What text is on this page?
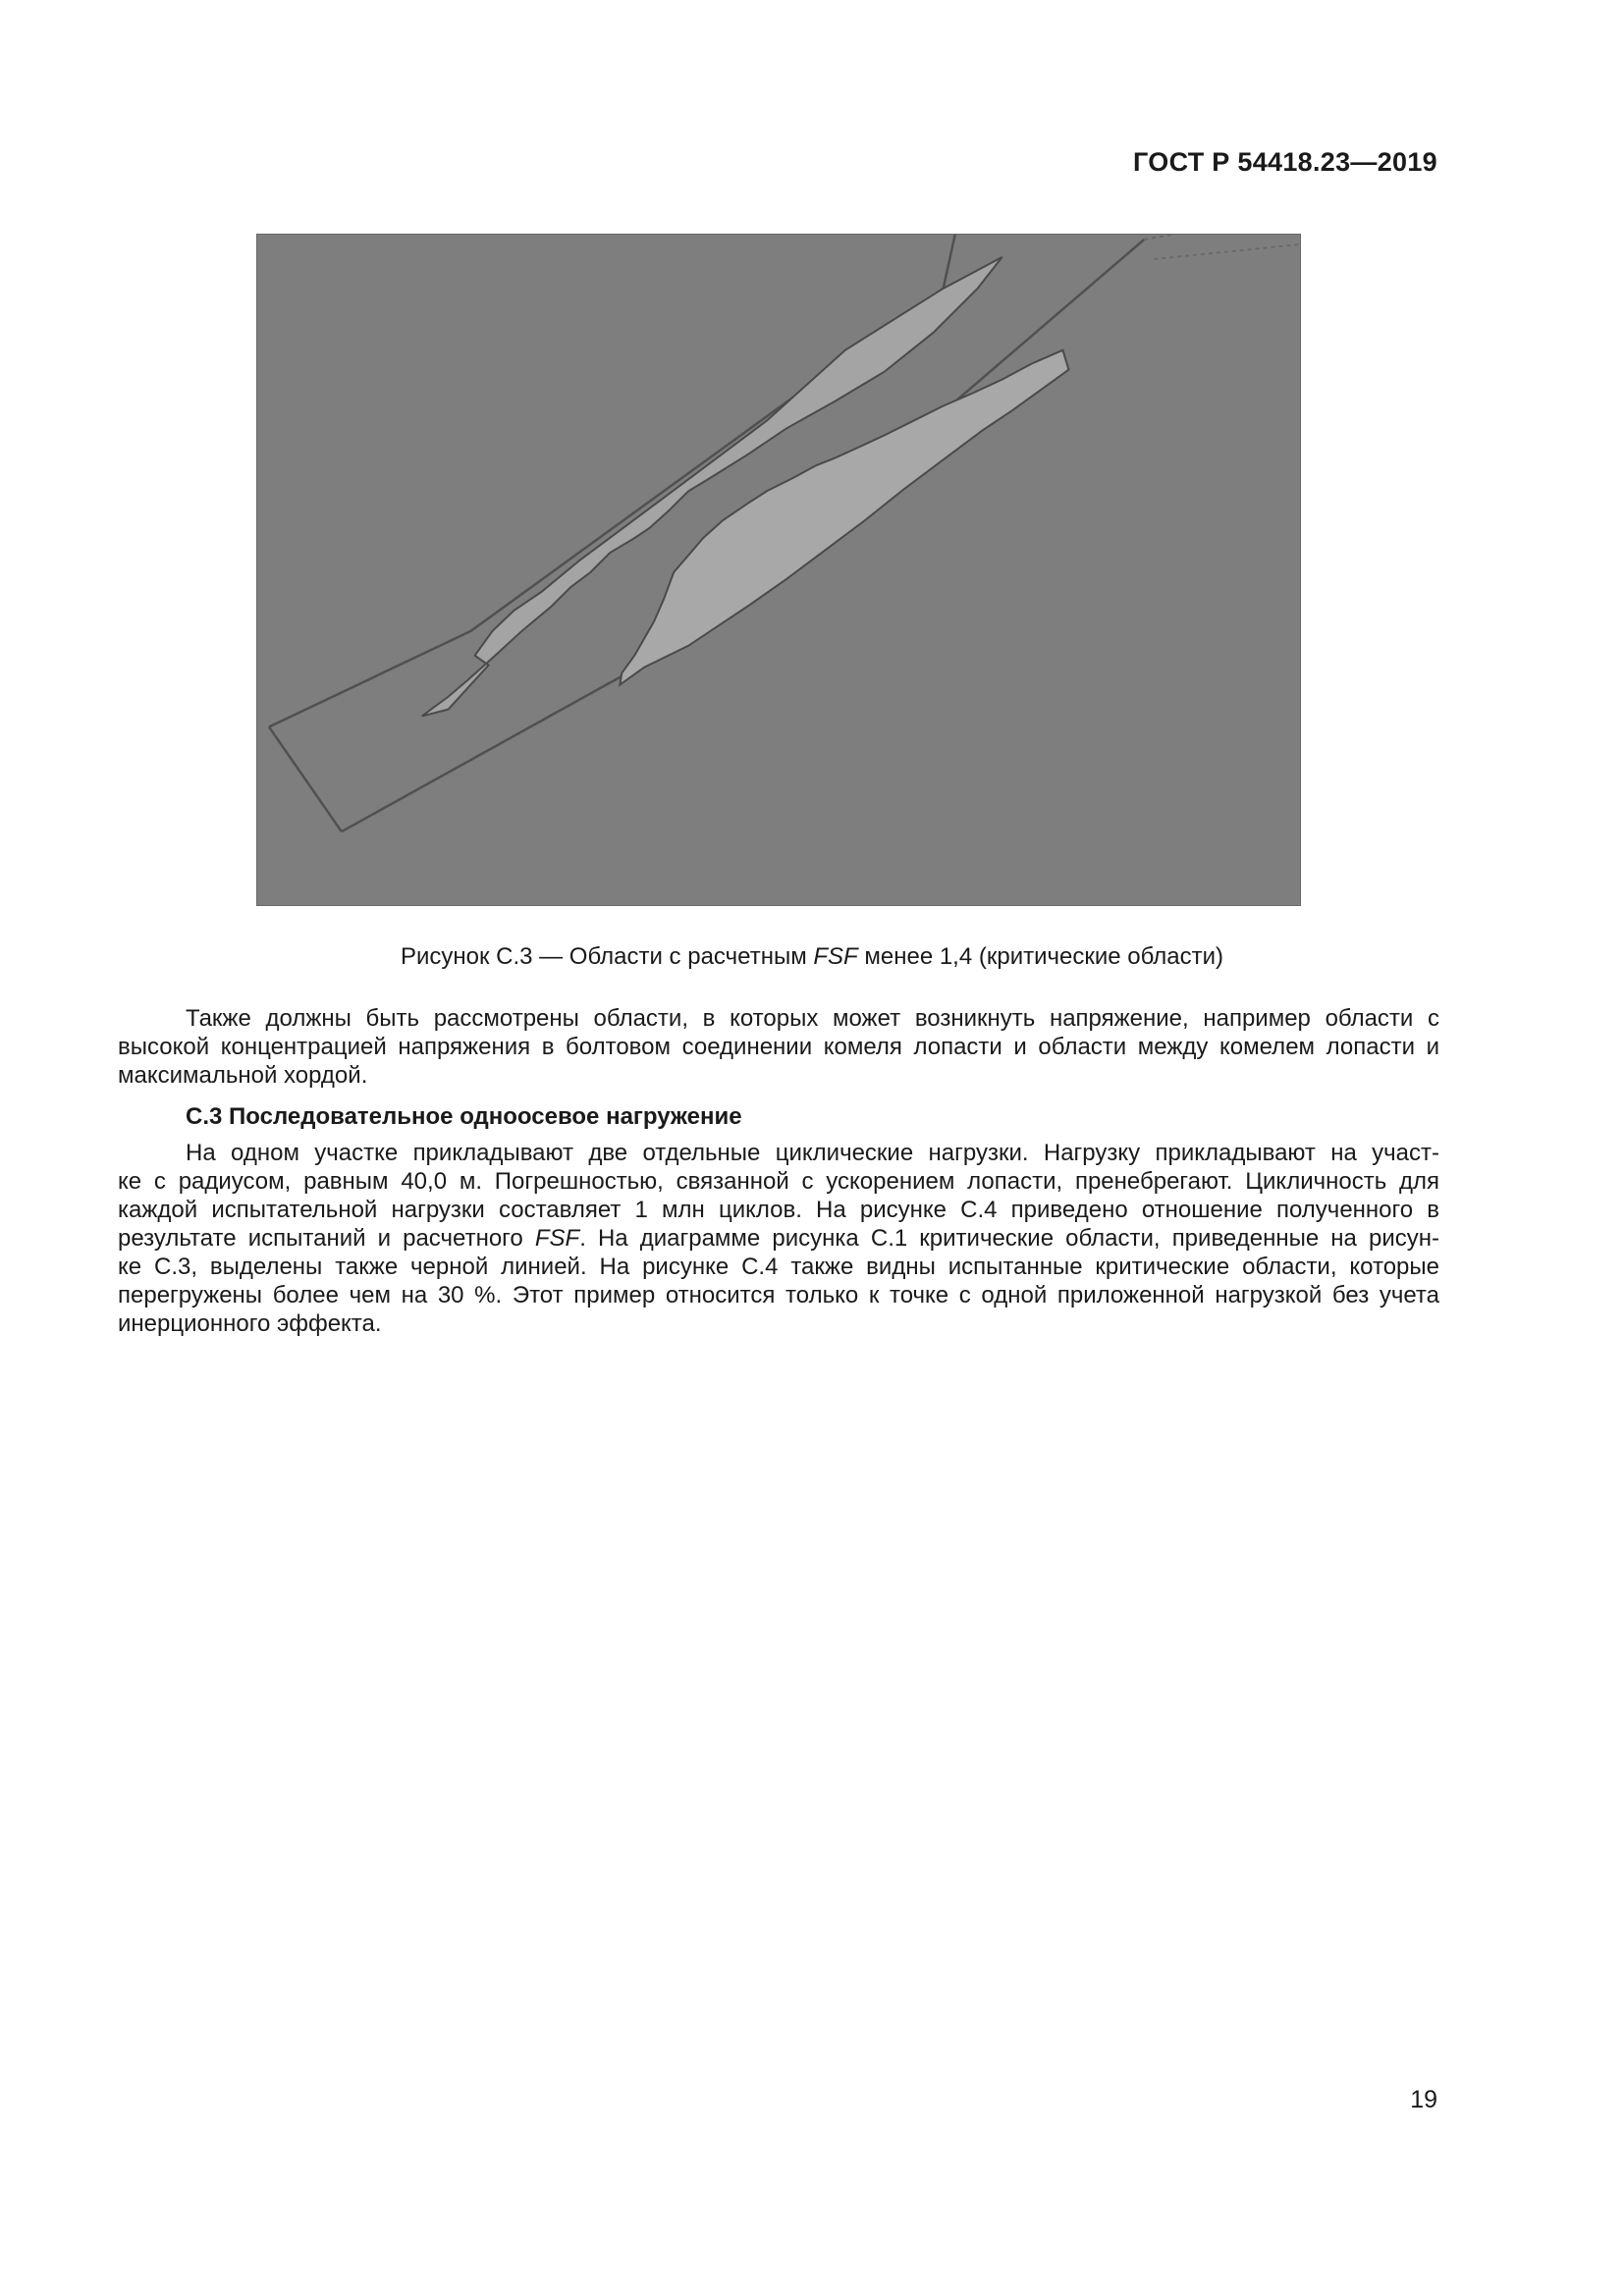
ГОСТ Р 54418.23—2019
Рисунок С.3 — Области с расчетным FSF менее 1,4 (критические области)

Также должны быть рассмотрены области, в которых может возникнуть напряжение, например области с
высокой концентрацией напряжения в болтовом соединении комеля лопасти и области между комелем лопасти и
максимальной хордой.

С.3 Последовательное одноосевое нагружение

На одном участке прикладывают две отдельные циклические нагрузки. Нагрузку прикладывают на участ-
ке с радиусом, равным 40,0 м. Погрешностью, связанной с ускорением лопасти, пренебрегают. Цикличность для
каждой испытательной нагрузки составляет 1 млн циклов. На рисунке С.4 приведено отношение полученного в
результате испытаний и расчетного FSF. На диаграмме рисунка С.1 критические области, приведенные на рисун-
ке С.3, выделены также черной линией. На рисунке С.4 также видны испытанные критические области, которые
перегружены более чем на 30 %. Этот пример относится только к точке с одной приложенной нагрузкой без учета
инерционного эффекта.

19
